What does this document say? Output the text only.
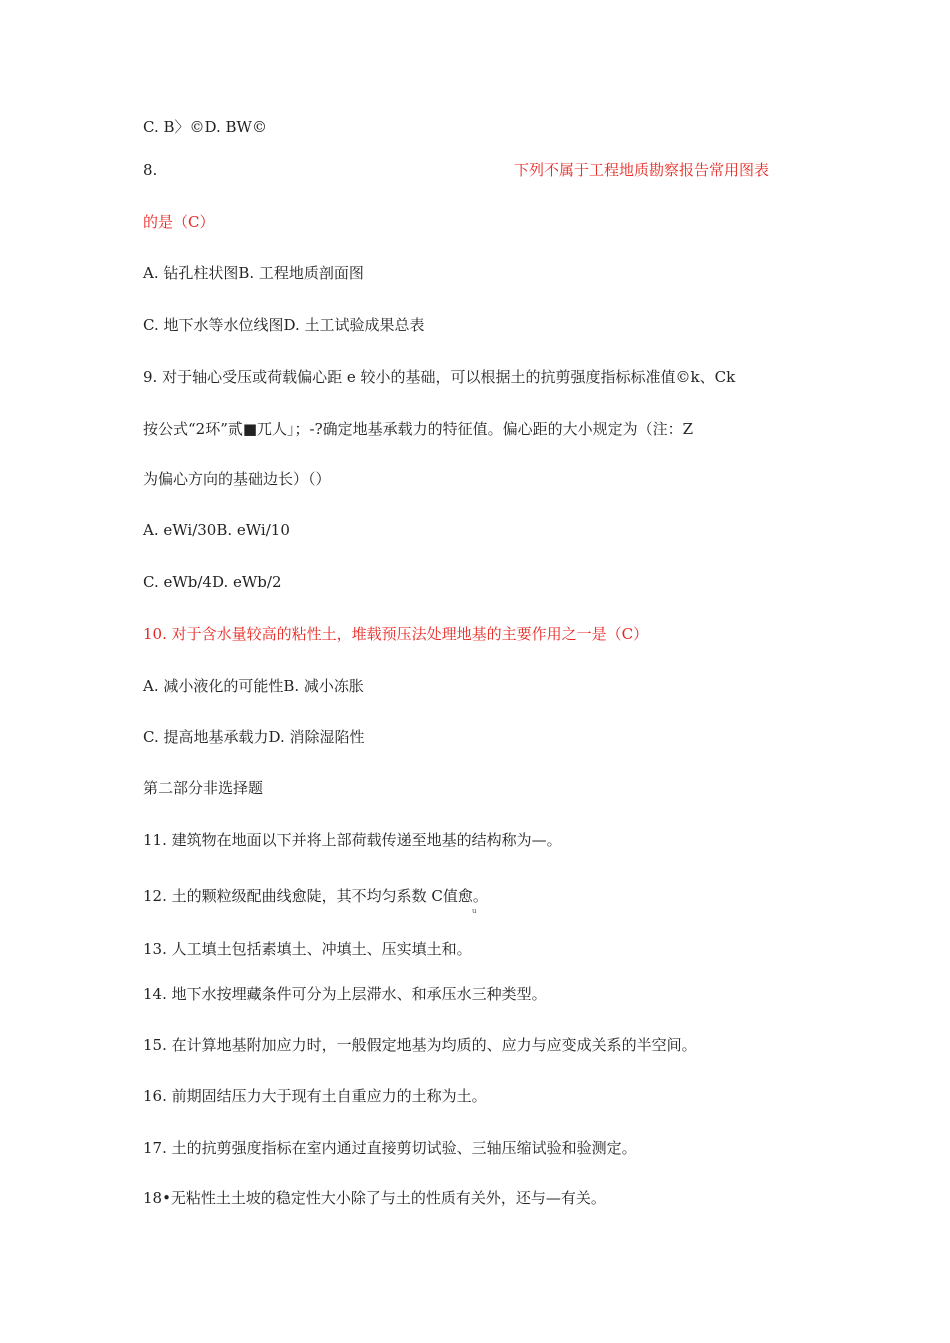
C. B〉©D. BW©
8.	下列不属于工程地质勘察报告常用图表
的是（C）
A. 钻孔柱状图B. 工程地质剖面图
C. 地下水等水位线图D. 土工试验成果总表
9. 对于轴心受压或荷载偏心距 e 较小的基础，可以根据土的抗剪强度指标标准值©k、Ck
按公式“2环”贰■兀人」；-?确定地基承载力的特征值。偏心距的大小规定为（注：Z
为偏心方向的基础边长）（）
A. eWi/30B. eWi/10
C. eWb/4D. eWb/2
10. 对于含水量较高的粘性土，堆载预压法处理地基的主要作用之一是（C）
A. 减小液化的可能性B. 减小冻胀
C. 提高地基承载力D. 消除湿陷性
第二部分非选择题
11. 建筑物在地面以下并将上部荷载传递至地基的结构称为—。
12. 土的颗粒级配曲线愈陡，其不均匀系数 C值愈。
u
13. 人工填土包括素填土、冲填土、压实填土和。
14. 地下水按埋藏条件可分为上层滞水、和承压水三种类型。
15. 在计算地基附加应力时，一般假定地基为均质的、应力与应变成关系的半空间。
16. 前期固结压力大于现有土自重应力的土称为土。
17. 土的抗剪强度指标在室内通过直接剪切试验、三轴压缩试验和验测定。
18•无粘性土土坡的稳定性大小除了与土的性质有关外，还与—有关。
